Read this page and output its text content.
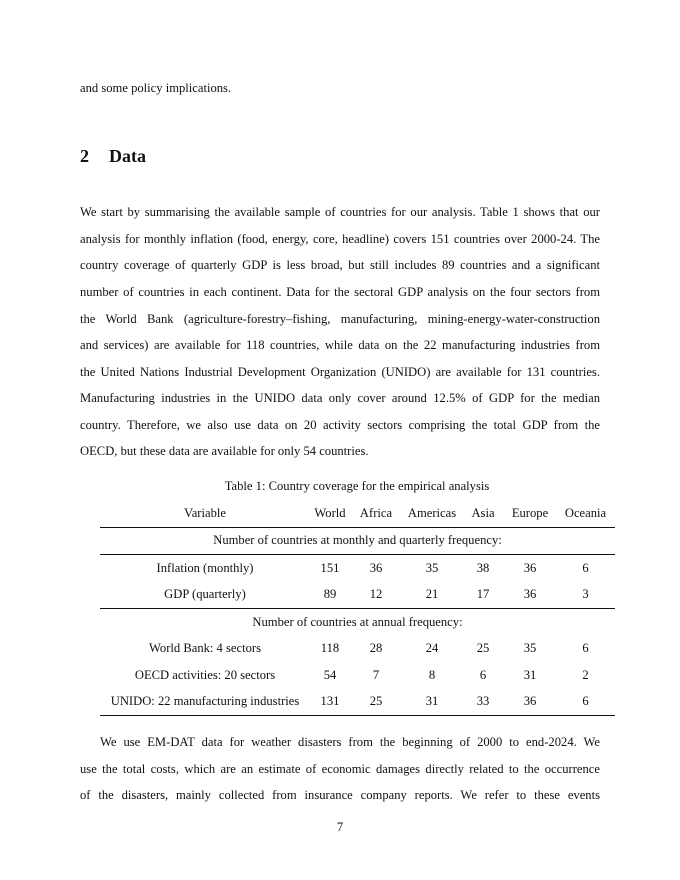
and some policy implications.
2 Data
We start by summarising the available sample of countries for our analysis. Table 1 shows that our
analysis for monthly inflation (food, energy, core, headline) covers 151 countries over 2000-24. The
country coverage of quarterly GDP is less broad, but still includes 89 countries and a significant
number of countries in each continent. Data for the sectoral GDP analysis on the four sectors from
the World Bank (agriculture-forestry–fishing, manufacturing, mining-energy-water-construction
and services) are available for 118 countries, while data on the 22 manufacturing industries from
the United Nations Industrial Development Organization (UNIDO) are available for 131 countries.
Manufacturing industries in the UNIDO data only cover around 12.5% of GDP for the median
country. Therefore, we also use data on 20 activity sectors comprising the total GDP from the
OECD, but these data are available for only 54 countries.
Table 1: Country coverage for the empirical analysis
Variable	World	Africa	Americas	Asia	Europe	Oceania
Number of countries at monthly and quarterly frequency:						
Inflation (monthly)	151	36	35	38	36	6
GDP (quarterly)	89	12	21	17	36	3
Number of countries at annual frequency:						
World Bank: 4 sectors	118	28	24	25	35	6
OECD activities: 20 sectors	54	7	8	6	31	2
UNIDO: 22 manufacturing industries	131	25	31	33	36	6
We use EM-DAT data for weather disasters from the beginning of 2000 to end-2024. We
use the total costs, which are an estimate of economic damages directly related to the occurrence
of the disasters, mainly collected from insurance company reports. We refer to these events
7
